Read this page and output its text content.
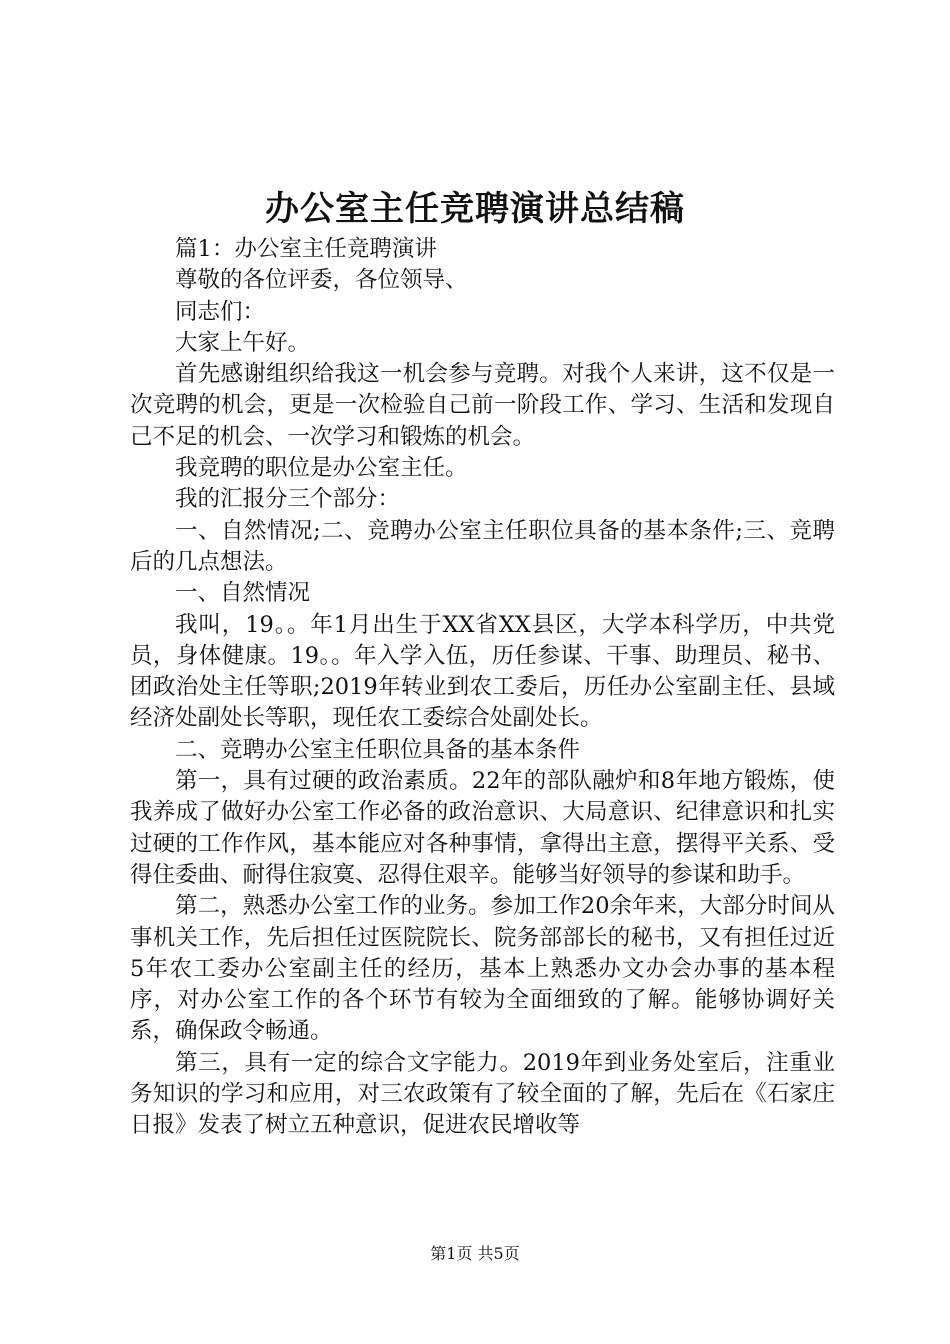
办公室主任竞聘演讲总结稿

篇1：办公室主任竞聘演讲

尊敬的各位评委，各位领导、

同志们：

大家上午好。

首先感谢组织给我这一机会参与竞聘。对我个人来讲，这不仅是一次竞聘的机会，更是一次检验自己前一阶段工作、学习、生活和发现自己不足的机会、一次学习和锻炼的机会。

我竞聘的职位是办公室主任。

我的汇报分三个部分：

一、自然情况;二、竞聘办公室主任职位具备的基本条件;三、竞聘后的几点想法。

一、自然情况

我叫，19。。年1月出生于XX省XX县区，大学本科学历，中共党员，身体健康。19。。年入学入伍，历任参谋、干事、助理员、秘书、团政治处主任等职;2019年转业到农工委后，历任办公室副主任、县域经济处副处长等职，现任农工委综合处副处长。

二、竞聘办公室主任职位具备的基本条件

第一，具有过硬的政治素质。22年的部队融炉和8年地方锻炼，使我养成了做好办公室工作必备的政治意识、大局意识、纪律意识和扎实过硬的工作作风，基本能应对各种事情，拿得出主意，摆得平关系、受得住委曲、耐得住寂寞、忍得住艰辛。能够当好领导的参谋和助手。

第二，熟悉办公室工作的业务。参加工作20余年来，大部分时间从事机关工作，先后担任过医院院长、院务部部长的秘书，又有担任过近5年农工委办公室副主任的经历，基本上熟悉办文办会办事的基本程序，对办公室工作的各个环节有较为全面细致的了解。能够协调好关系，确保政令畅通。

第三，具有一定的综合文字能力。2019年到业务处室后，注重业务知识的学习和应用，对三农政策有了较全面的了解，先后在《石家庄日报》发表了树立五种意识，促进农民增收等

第1页 共5页
